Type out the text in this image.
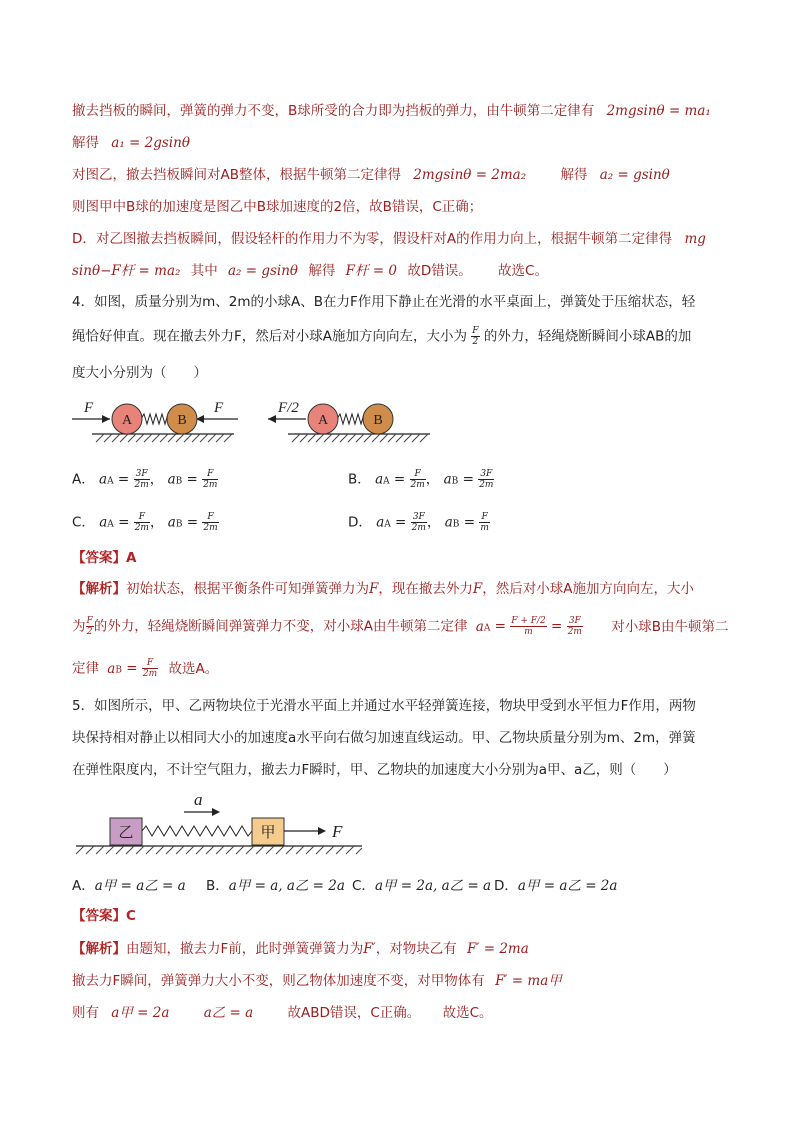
撤去挡板的瞬间，弹簧的弹力不变，B球所受的合力即为挡板的弹力，由牛顿第二定律有 2mgsinθ = ma₁
解得 a₁ = 2gsinθ
对图乙，撤去挡板瞬间对AB整体，根据牛顿第二定律得 2mgsinθ = 2ma₂	解得 a₂ = gsinθ
则图甲中B球的加速度是图乙中B球加速度的2倍，故B错误，C正确；
D．对乙图撤去挡板瞬间，假设轻杆的作用力不为零，假设杆对A的作用力向上，根据牛顿第二定律得 mg
sinθ−F杆 = ma₂ 其中 a₂ = gsinθ 解得 F杆 = 0 故D错误。 故选C。
4．如图，质量分别为m、2m的小球A、B在力F作用下静止在光滑的水平桌面上，弹簧处于压缩状态，轻
绳恰好伸直。现在撤去外力F，然后对小球A施加方向向左，大小为 $\frac{F}{2}$ 的外力，轻绳烧断瞬间小球AB的加
度大小分别为（　　）
F	F
A	B
F/2
A	B
A． aA = $\frac{3F}{2m}$ ， aB = $\frac{F}{2m}$	B． aA = $\frac{F}{2m}$ ， aB = $\frac{3F}{2m}$
C． aA = $\frac{F}{2m}$ ， aB = $\frac{F}{2m}$	D． aA = $\frac{3F}{2m}$ ， aB = $\frac{F}{m}$
【答案】A
【解析】初始状态，根据平衡条件可知弹簧弹力为F，现在撤去外力F，然后对小球A施加方向向左，大小
为 $\frac{F}{2}$ 的外力，轻绳烧断瞬间弹簧弹力不变，对小球A由牛顿第二定律 aA = $\frac{F + F/2}{m} = \frac{3F}{2m}$ 对小球B由牛顿第二
定律 aB = $\frac{F}{2m}$ 故选A。
5．如图所示，甲、乙两物块位于光滑水平面上并通过水平轻弹簧连接，物块甲受到水平恒力F作用，两物
块保持相对静止以相同大小的加速度a水平向右做匀加速直线运动。甲、乙物块质量分别为m、2m，弹簧
在弹性限度内，不计空气阻力，撤去力F瞬时，甲、乙物块的加速度大小分别为a甲、a乙，则（　　）
乙	甲
a
F
A．a甲 = a乙 = a B．a甲 = a, a乙 = 2a C．a甲 = 2a, a乙 = a D．a甲 = a乙 = 2a
【答案】C
【解析】由题知，撤去力F前，此时弹簧弹簧力为F′，对物块乙有 F′ = 2ma
撤去力F瞬间，弹簧弹力大小不变，则乙物体加速度不变，对甲物体有 F′ = ma甲
则有 a甲 = 2a	a乙 = a	故ABD错误，C正确。 故选C。
